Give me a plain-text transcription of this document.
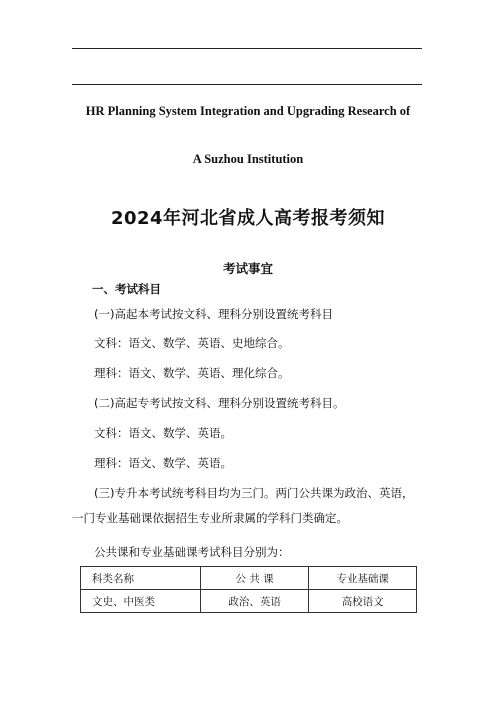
HR Planning System Integration and Upgrading Research of
A Suzhou Institution
2024年河北省成人高考报考须知
考试事宜
一、考试科目
(一)高起本考试按文科、理科分别设置统考科目
文科：语文、数学、英语、史地综合。
理科：语文、数学、英语、理化综合。
(二)高起专考试按文科、理科分别设置统考科目。
文科：语文、数学、英语。
理科：语文、数学、英语。
(三)专升本考试统考科目均为三门。两门公共课为政治、英语，一门专业基础课依据招生专业所隶属的学科门类确定。
公共课和专业基础课考试科目分别为：
科类名称	公 共 课	专业基础课
文史、中医类	政治、英语	高校语文
